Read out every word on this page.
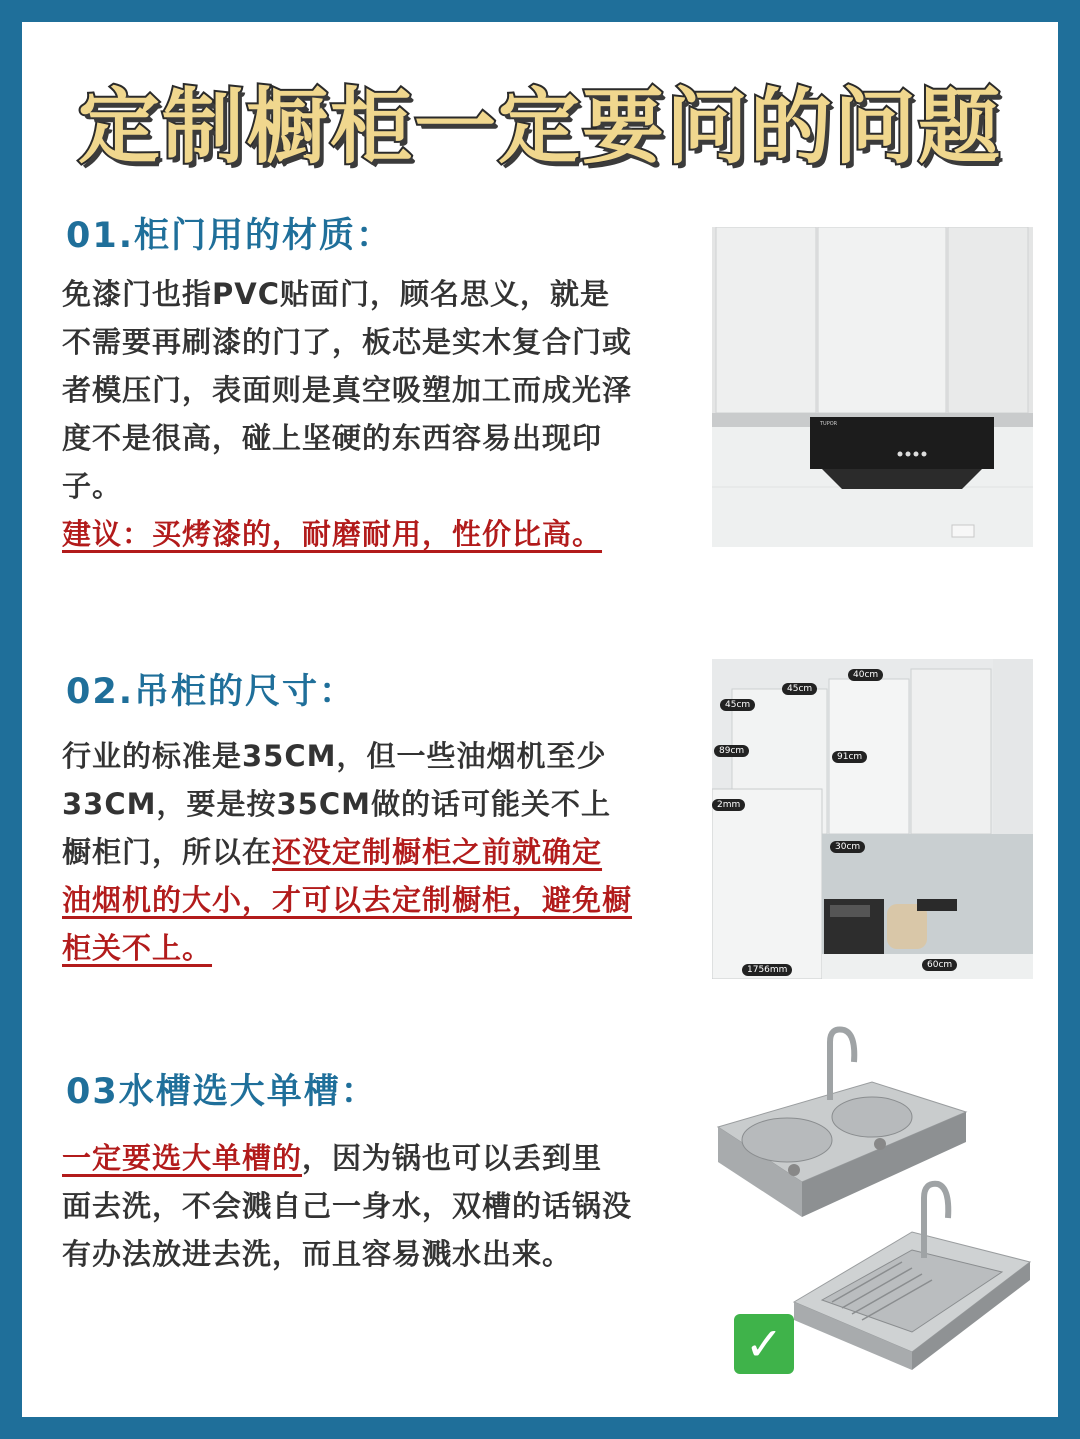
定制橱柜一定要问的问题
01.柜门用的材质：
免漆门也指PVC贴面门，顾名思义，就是不需要再刷漆的门了，板芯是实木复合门或者模压门，表面则是真空吸塑加工而成光泽度不是很高，碰上坚硬的东西容易出现印子。
建议：买烤漆的，耐磨耐用，性价比高。
TUPOR
02.吊柜的尺寸：
行业的标准是35CM，但一些油烟机至少33CM，要是按35CM做的话可能关不上橱柜门，所以在还没定制橱柜之前就确定油烟机的大小，才可以去定制橱柜，避免橱柜关不上。
45cm
45cm
40cm
89cm
91cm
2mm
30cm
1756mm	60cm
03水槽选大单槽：
一定要选大单槽的，因为锅也可以丢到里面去洗，不会溅自己一身水，双槽的话锅没有办法放进去洗，而且容易溅水出来。
✓
